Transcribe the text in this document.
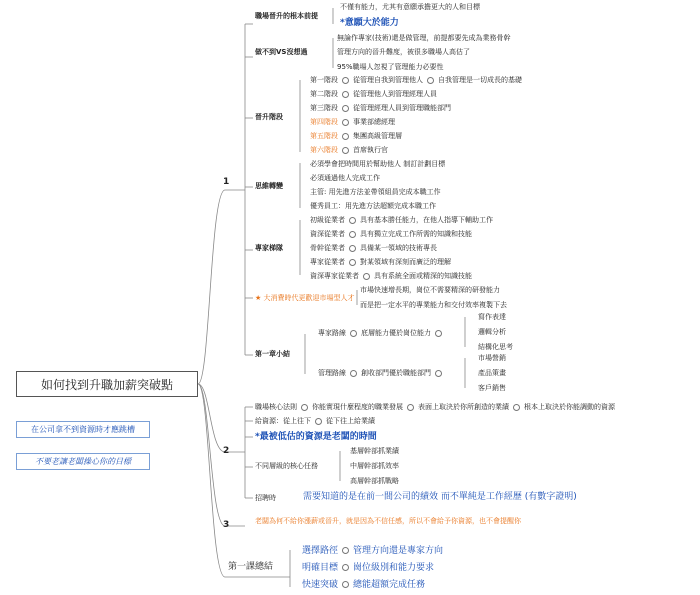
如何找到升職加薪突破點
在公司拿不到資源時才應跳槽
不要老讓老闆操心你的目標
1
2
3
職場晉升的根本前提
不僅有能力，尤其有意願承擔更大的人和目標
*意願大於能力
做不到VS沒想過
無論作專家(技術)還是做管理，前提都要先成為業務骨幹
管理方向的晉升難度，被很多職場人高估了
95%職場人忽視了管理能力必要性
晉升階段
第一階段 從管理自我到管理他人 自我管理是一切成長的基礎
第二階段 從管理他人到管理經理人員
第三階段 從管理經理人員到管理職能部門
第四階段 事業部總經理
第五階段 集團高級管理層
第六階段 首席執行官
思維轉變
必須學會把時間用於幫助他人 制訂計劃目標
必須通過他人完成工作
主管: 用先進方法並帶領組員完成本職工作
優秀員工：用先進方法超額完成本職工作
專家梯隊
初級從業者 具有基本勝任能力，在他人指導下輔助工作
資深從業者 具有獨立完成工作所需的知識和技能
骨幹從業者 具備某一領域的技術專長
專家從業者 對某領域有深刻而廣泛的理解
資深專家從業者 具有系統全面或精深的知識技能
★ 大消費時代更歡迎市場型人才
市場快速增長期，崗位不需要精深的研發能力
而是把一定水平的專業能力和交付效率複製下去
第一章小結
專家路線 底層能力優於崗位能力
寫作表達
邏輯分析
結構化思考
管理路線 創收部門優於職能部門
市場營銷
產品策畫
客戶銷售
職場核心法則 你能實現什麼程度的職業發展 表面上取決於你所創造的業績 根本上取決於你能調動的資源
給資源：從上往下 從下往上給業績
*最被低估的資源是老闆的時間
不同層級的核心任務
基層幹部抓業績
中層幹部抓效率
高層幹部抓戰略
招聘時	需要知道的是在前一間公司的績效 而不單純是工作經歷 (有數字證明)
老闆為何不給你漲薪或晉升，就是因為不信任感，所以不會給予你資源，也不會提醒你
第一課總結
選擇路徑 管理方向還是專家方向
明確目標 崗位級別和能力要求
快速突破 總能超額完成任務
